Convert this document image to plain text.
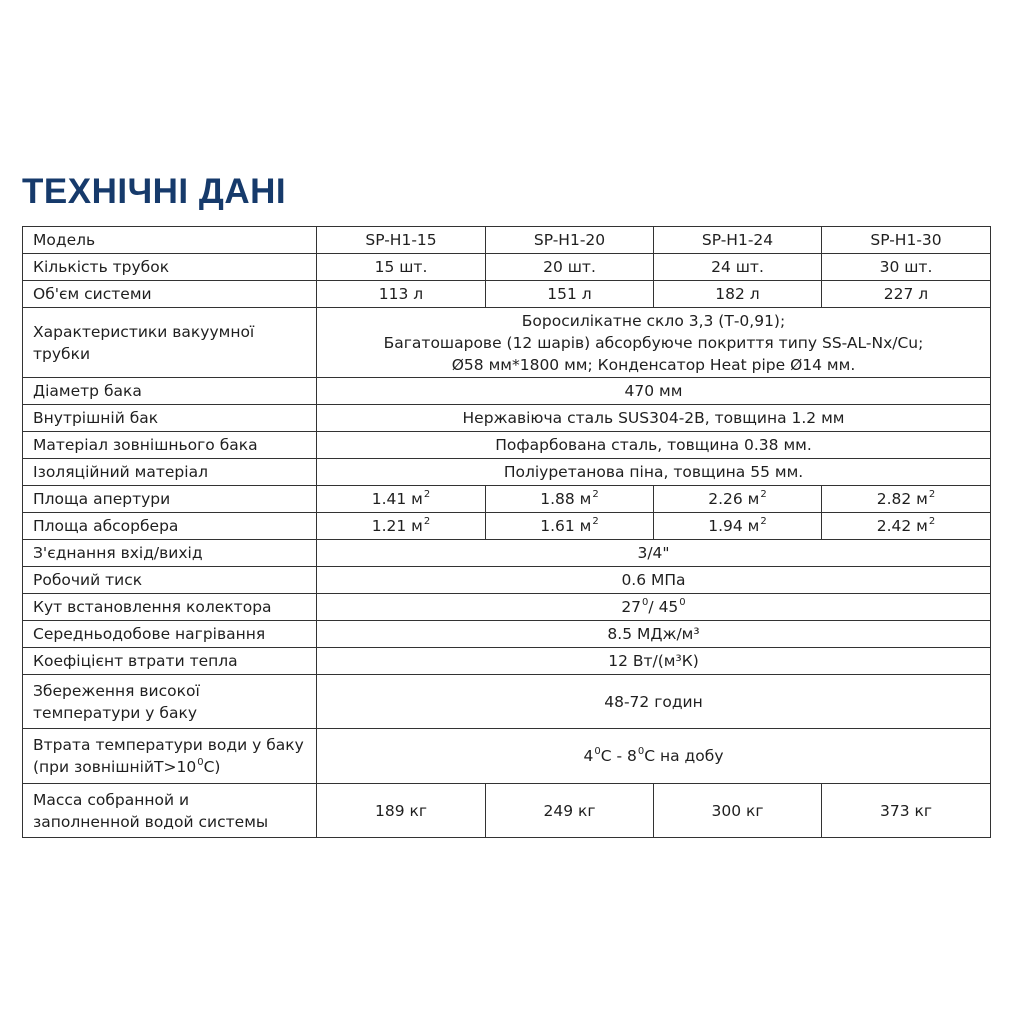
ТЕХНІЧНІ ДАНІ
Модель	SP-H1-15	SP-H1-20	SP-H1-24	SP-H1-30
Кількість трубок	15 шт.	20 шт.	24 шт.	30 шт.
Об'єм системи	113 л	151 л	182 л	227 л

Характеристики вакуумної
трубки	Боросилікатне скло 3,3 (Т-0,91);
Багатошарове (12 шарів) абсорбуюче покриття типу SS-AL-Nx/Cu;
Ø58 мм*1800 мм; Конденсатор Heat pipe Ø14 мм.			

Діаметр бака	470 мм			
Внутрішній бак	Нержавіюча сталь SUS304-2B, товщина 1.2 мм			
Матеріал зовнішнього бака	Пофарбована сталь, товщина 0.38 мм.			
Ізоляційний матеріал	Поліуретанова піна, товщина 55 мм.			
Площа апертури	1.41 $м^2$	1.88 $м^2$	2.26 $м^2$	2.82 $м^2$
Площа абсорбера	1.21 $м^2$	1.61 $м^2$	1.94 $м^2$	2.42 $м^2$
З'єднання вхід/вихід	3/4"			
Робочий тиск	0.6 МПа			
Кут встановлення колектора	$27^0/$ $45^0$
Середньодобове нагрівання	8.5 МДж/м³			
Коефіцієнт втрати тепла	12 Вт/(м³К)			

Збереження високої
температури у баку	48-72 годин			

Втрата температури води у баку
(при $зовнішнійТ>10^0С$)	$4^0С - 8^0С$ на добу			

Масса собранной и
заполненной водой системы	189 кг	249 кг	300 кг	373 кг
